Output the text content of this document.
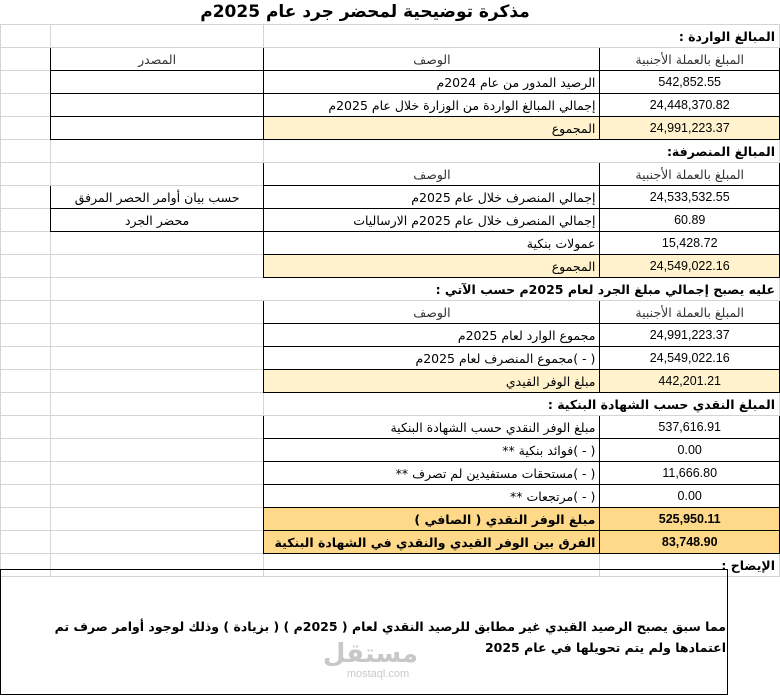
مذكرة توضيحية لمحضر جرد عام 2025م
المبالغ الواردة :			
المبلغ بالعملة الأجنبية	الوصف	المصدر	
542,852.55	الرصيد المدور من عام 2024م		
24,448,370.82	إجمالي المبالغ الواردة من الوزارة خلال عام 2025م		
24,991,223.37	المجموع		
المبالغ المنصرفة:			
المبلغ بالعملة الأجنبية	الوصف		
24,533,532.55	إجمالي المنصرف خلال عام 2025م	حسب بيان أوامر الحصر المرفق	
60.89	إجمالي المنصرف خلال عام 2025م الارساليات	محضر الجرد	
15,428.72	عمولات بنكية		
24,549,022.16	المجموع		
عليه يصبح إجمالي مبلغ الجرد لعام 2025م حسب الآتي :			
المبلغ بالعملة الأجنبية	الوصف		
24,991,223.37	مجموع الوارد لعام 2025م		
24,549,022.16	( - )مجموع المنصرف لعام 2025م		
442,201.21	مبلغ الوفر القيدي		
المبلغ النقدي حسب الشهادة البنكية :			
537,616.91	مبلغ الوفر النقدي حسب الشهادة البنكية		
0.00	( - )فوائد بنكية **		
11,666.80	( - )مستحقات مستفيدين لم تصرف **		
0.00	( - )مرتجعات **		
525,950.11	مبلغ الوفر النقدي ( الصافي )		
83,748.90	الفرق بين الوفر القيدي والنقدي في الشهادة البنكية		
الإيضاح :			
مما سبق يصبح الرصيد القيدي غير مطابق للرصيد النقدي لعام ( 2025م ) ( بزيادة ) وذلك لوجود أوامر صرف تم اعتمادها ولم يتم تحويلها في عام 2025
مستقل
mostaql.com
